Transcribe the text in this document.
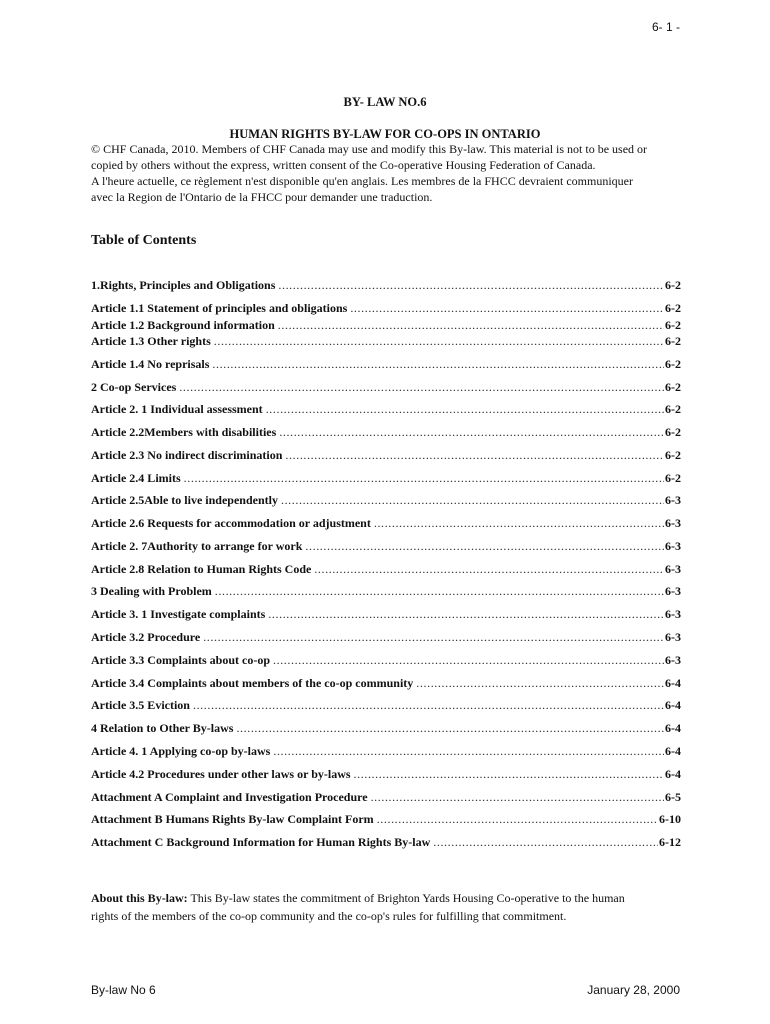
6- 1 -
BY- LAW NO.6
HUMAN RIGHTS BY-LAW FOR CO-OPS IN ONTARIO
© CHF Canada, 2010. Members of CHF Canada may use and modify this By-law. This material is not to be used or
copied by others without the express, written consent of the Co-operative Housing Federation of Canada.
A l'heure actuelle, ce règlement n'est disponible qu'en anglais. Les membres de la FHCC devraient communiquer
avec la Region de l'Ontario de la FHCC pour demander une traduction.
Table of Contents
1.Rights, Principles and Obligations .....	6-2
Article 1.1 Statement of principles and obligations .....	6-2
Article 1.2 Background information .....	6-2
Article 1.3 Other rights .....	6-2
Article 1.4 No reprisals .....	6-2
2 Co-op Services .....	6-2
Article 2. 1 Individual assessment .....	6-2
Article 2.2Members with disabilities .....	6-2
Article 2.3 No indirect discrimination .....	6-2
Article 2.4 Limits .....	6-2
Article 2.5Able to live independently .....	6-3
Article 2.6 Requests for accommodation or adjustment .....	6-3
Article 2. 7Authority to arrange for work .....	6-3
Article 2.8 Relation to Human Rights Code .....	6-3
3 Dealing with Problem .....	6-3
Article 3. 1 Investigate complaints .....	6-3
Article 3.2 Procedure .....	6-3
Article 3.3 Complaints about co-op .....	6-3
Article 3.4 Complaints about members of the co-op community .....	6-4
Article 3.5 Eviction .....	6-4
4 Relation to Other By-laws .....	6-4
Article 4. 1 Applying co-op by-laws .....	6-4
Article 4.2 Procedures under other laws or by-laws .....	6-4
Attachment A Complaint and Investigation Procedure .....	6-5
Attachment B Humans Rights By-law Complaint Form .....	6-10
Attachment C Background Information for Human Rights By-law .....	6-12
About this By-law: This By-law states the commitment of Brighton Yards Housing Co-operative to the human
rights of the members of the co-op community and the co-op's rules for fulfilling that commitment.
By-law No 6	January 28, 2000
